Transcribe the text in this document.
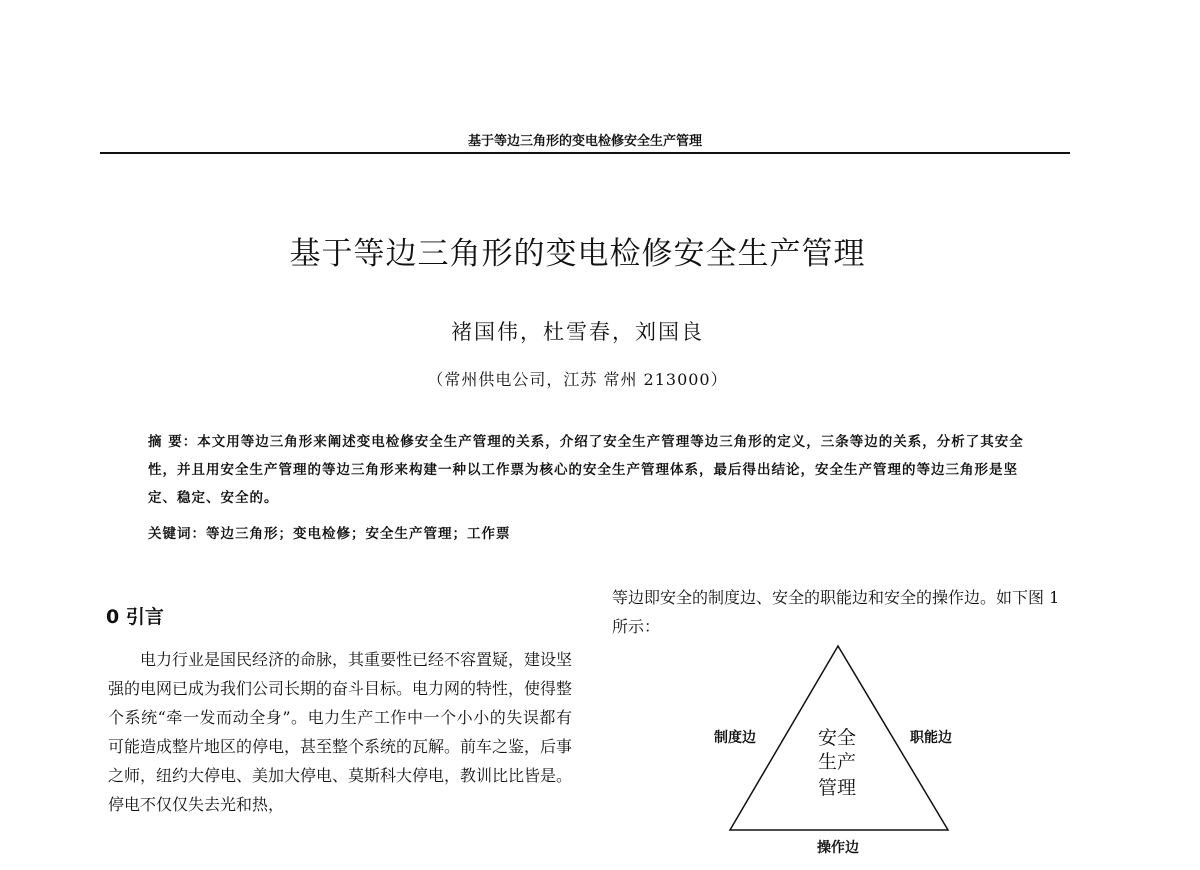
基于等边三角形的变电检修安全生产管理
基于等边三角形的变电检修安全生产管理
褚国伟，杜雪春，刘国良
（常州供电公司，江苏 常州 213000）
摘 要：本文用等边三角形来阐述变电检修安全生产管理的关系，介绍了安全生产管理等边三角形的定义，三条等边的关系，分析了其安全性，并且用安全生产管理的等边三角形来构建一种以工作票为核心的安全生产管理体系，最后得出结论，安全生产管理的等边三角形是坚定、稳定、安全的。
关键词：等边三角形；变电检修；安全生产管理；工作票
0 引言

电力行业是国民经济的命脉，其重要性已经不容置疑，建设坚强的电网已成为我们公司长期的奋斗目标。电力网的特性，使得整个系统“牵一发而动全身”。电力生产工作中一个小小的失误都有可能造成整片地区的停电，甚至整个系统的瓦解。前车之鉴，后事之师，纽约大停电、美加大停电、莫斯科大停电，教训比比皆是。停电不仅仅失去光和热，

等边即安全的制度边、安全的职能边和安全的操作边。如下图 1 所示：

安全
生产
管理
制度边	职能边
操作边
